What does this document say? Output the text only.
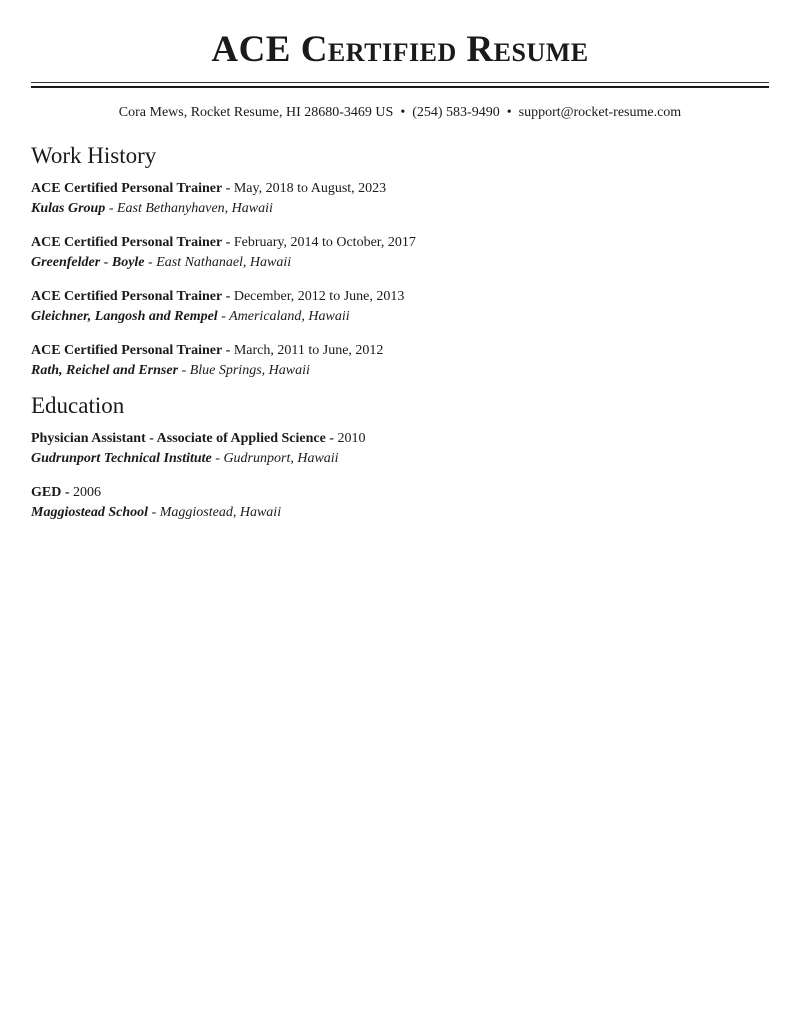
ACE Certified Resume
Cora Mews, Rocket Resume, HI 28680-3469 US • (254) 583-9490 • support@rocket-resume.com
Work History
ACE Certified Personal Trainer - May, 2018 to August, 2023
Kulas Group - East Bethanyhaven, Hawaii
ACE Certified Personal Trainer - February, 2014 to October, 2017
Greenfelder - Boyle - East Nathanael, Hawaii
ACE Certified Personal Trainer - December, 2012 to June, 2013
Gleichner, Langosh and Rempel - Americaland, Hawaii
ACE Certified Personal Trainer - March, 2011 to June, 2012
Rath, Reichel and Ernser - Blue Springs, Hawaii
Education
Physician Assistant - Associate of Applied Science - 2010
Gudrunport Technical Institute - Gudrunport, Hawaii
GED - 2006
Maggiostead School - Maggiostead, Hawaii
